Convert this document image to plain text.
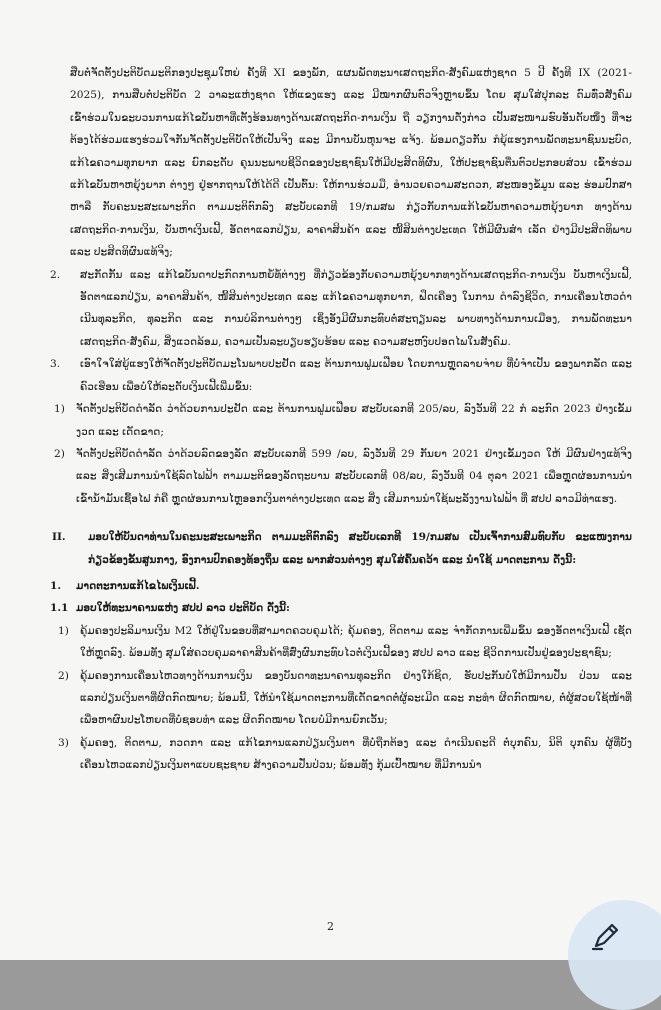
ສືບຕໍ່ຈັດຕັ້ງປະຕິບັດມະຕິກອງປະຊຸມໃຫຍ່ ຄັ້ງທີ XI ຂອງພັກ, ແຜນພັດທະນາເສດຖະກິດ-ສັງຄົມແຫ່ງຊາດ 5 ປີ ຄັ້ງທີ IX (2021-2025), ການສືບຕໍ່ປະຕິບັດ 2 ວາລະແຫ່ງຊາດ ໃຫ້ແຂງແຮງ ແລະ ມີໝາກຜົນຕົວຈິງຫຼາຍຂຶ້ນ ໂດຍ ສຸມໃສ່ປຸກລະ ດົມທົ່ວສັງຄົມ ເຂົ້າຮ່ວມໃນຂະບວນການແກ້ໄຂບັນຫາທີ່ເຕັ້ງຮ້ອນທາງດ້ານເສດຖະກິດ-ການເງິນ ຖື ວຽກງານດັ່ງກ່າວ ເປັນສະໜາມຮົບອັນດັບໜຶ່ງ ທີ່ຈະຕ້ອງໄດ້ຮ່ວມແຮງຮ່ວມໃຈກັນຈັດຕັ້ງປະຕິບັດໃຫ້ເປັນຈິງ ແລະ ມີການບັນຫຸນຈະ ແຈ້ງ. ພ້ອມດຽວກັນ ກໍຍຸ້ແຮງການພັດທະນາຊົນນະບົດ, ແກ້ໄຂຄວາມທຸກຍາກ ແລະ ຍົກລະດັບ ຄຸນນະພາບຊີວິດຂອງປະຊາຊົນໃຫ້ມີປະສິດທິຜົນ, ໃຫ້ປະຊາຊົນຕື່ນຕົວປະກອບສ່ວນ ເຂົ້າຮ່ວມແກ້ໄຂບັນຫາຫຍຸ້ງຍາກ ຕ່າງໆ ຢູ່ຮາກຖານໃຫ້ໄດ້ດີ ເປັນຕົ້ນ: ໃຫ້ການຮ່ວມມື, ອໍານວຍຄວາມສະດວກ, ສະໜອງຂໍ້ມູນ ແລະ ຮ່ອມປົກສາ ຫາລື ກັບຄະນະສະເພາະກິດ ຕາມມະຕິຕົກລົງ ສະບັບເລກທີ 19/ກມສພ ກ່ຽວກັບການແກ້ໄຂບັນຫາຄວາມຫຍຸ້ງຍາກ ທາງດ້ານເສດຖະກິດ-ການເງິນ, ບັນຫາເງິນເຟີ້, ອັດຕາແລກປ່ຽນ, ລາຄາສິນຄ້າ ແລະ ໜີ້ສິນຕ່າງປະເທດ ໃຫ້ມີຜົນສໍາ ເລັດ ຢ່າງມີປະສິດທິພາບ ແລະ ປະສິດທິຜົນແທ້ຈິງ;

2.	ສະກັດກັ້ນ ແລະ ແກ້ໄຂບັນດາປະກົດການຫຍໍ້ທໍ້ຕ່າງໆ ທີ່ກ່ຽວຂ້ອງກັບຄວາມຫຍຸ້ງຍາກທາງດ້ານເສດຖະກິດ-ການເງິນ ບັນຫາເງິນເຟີ້, ອັດຕາແລກປ່ຽນ, ລາຄາສິນຄ້າ, ໜີ້ສິນຕ່າງປະເທດ ແລະ ແກ້ໄຂຄວາມທຸກຍາກ, ຝຶດເຄືອງ ໃນການ ດໍາລົງຊີວິດ, ການເຄື່ອນໄຫວດໍາເນີນທຸລະກິດ, ທຸລະກິດ ແລະ ການບໍລິການຕ່າງໆ ເຊິ່ງອັງມີຜົນກະທົບຕໍ່ສະຖຽນລະ ພາບທາງດ້ານການເມືອງ, ການພັດທະນາເສດຖະກິດ-ສັງຄົມ, ສິ່ງແວດລ້ອມ, ຄວາມເປັນລະບຽບຮຽບຮ້ອຍ ແລະ ຄວາມສະຫງົບປອດໄພໃນສັງຄົມ.
3.	ເອົາໃຈໃສ່ຍູ້ແຮງໃຫ້ຈັດຕັ້ງປະຕິບັດມະໂນພາບປະຢັດ ແລະ ຕ້ານການຟູມເຟືອຍ ໂດຍການຫຼຸດລາຍຈ່າຍ ທີ່ບໍ່ຈໍາເປັນ ຂອງພາກລັດ ແລະ ຄົວເຮືອນ ເພື່ອບໍ່ໃຫ້ລະດັບເງິນເຟີ້ເພີ່ມຂຶ້ນ:
1)	ຈັດຕັ້ງປະຕິບັດດໍາລັດ ວ່າດ້ວຍການປະຢັດ ແລະ ຕ້ານການຟູມເຟືອຍ ສະບັບເລກທີ 205/ລບ, ລົງວັນທີ 22 ກໍ ລະກົດ 2023 ຢ່າງເຂັ້ມງວດ ແລະ ເດັດຂາດ;
2)	ຈັດຕັ້ງປະຕິບັດດໍາລັດ ວ່າດ້ວຍລົດຂອງລັດ ສະບັບເລກທີ 599 /ລບ, ລົງວັນທີ 29 ກັນຍາ 2021 ຢ່າງເຂັ້ມງວດ ໃຫ້ ມີຜົນຢ່າງແທ້ຈິງ ແລະ ສິ່ງເສີມການນໍາໃຊ້ລົດໄຟຟ້າ ຕາມມະຕິຂອງລັດຖະບານ ສະບັບເລກທີ 08/ລບ, ລົງວັນທີ 04 ຕຸລາ 2021 ເພື່ອຫຼຸດຜ່ອນການນໍາເຂົ້ານໍ້າມັນເຊື້ອໄຟ ກໍຄື ຫຼຸດຜ່ອນການໄຫຼອອກເງິນຕາຕ່າງປະເທດ ແລະ ສິ່ງ ເສີມການນໍາໃຊ້ພະລັງງານໄຟຟ້າ ທີ່ ສປປ ລາວມີທ່າແຮງ.
II.	ມອບໃຫ້ບັນດາທ່ານໃນຄະນະສະເພາະກິດ ຕາມມະຕິຕົກລົງ ສະບັບເລກທີ 19/ກມສພ ເປັນເຈົ້າການສົມທົບກັບ ຂະແໜງການກ່ຽວຂ້ອງຂັ້ນສູນກາງ, ອົງການປົກຄອງທ້ອງຖິ່ນ ແລະ ພາກສ່ວນຕ່າງໆ ສຸມໃສ່ຄົ້ນຄວ້າ ແລະ ນໍາໃຊ້ ມາດຕະການ ດັ່ງນີ້:
1.	ມາດຕະການແກ້ໄຂໄພເງິນເຟີ້.
1.1 ມອບໃຫ້ທະນາຄານແຫ່ງ ສປປ ລາວ ປະຕິບັດ ດັ່ງນີ້:
1)	ຄຸ້ມຄອງປະລິມານເງິນ M2 ໃຫ້ຢູ່ໃນຂອບທີ່ສາມາດຄວບຄຸມໄດ້; ຄຸ້ມຄອງ, ຕິດຕາມ ແລະ ຈໍາກັດການເພີ່ມຂຶ້ນ ຂອງອັດຕາເງິນເຟີ້ ເຊັດໃຫ້ຫຼຸດລົງ. ພ້ອມທັງ ສຸມໃສ່ຄວບຄຸມລາຄາສິນຄ້າທີ່ສົ່ງຜົນກະທົບໄວຕໍ່ເງິນເຟີ້ຂອງ ສປປ ລາວ ແລະ ຊີວິດການເປັນຢູ່ຂອງປະຊາຊົນ;
2)	ຄຸ້ມຄອງການເຄື່ອນໄຫວທາງດ້ານການເງິນ ຂອງບັນດາທະນາຄານທຸລະກິດ ຢ່າງໃກ້ຊິດ, ຮັບປະກັນບໍ່ໃຫ້ມີການປັ່ນ ປ່ວນ ແລະ ແລກປ່ຽນເງິນຕາທີ່ຜິດກົດໝາຍ; ພ້ອມນີ້, ໃຫ້ນໍາໃຊ້ມາດຕະການທີ່ເດັດຂາດຕໍ່ຜູ້ລະເມີດ ແລະ ກະທໍາ ຜິດກົດໝາຍ, ຕໍ່ຜູ້ສວຍໃຊ້ໜ້າທີ່ ເພື່ອຫາຜົນປະໂຫຍດທີ່ບໍ່ຊອບທໍາ ແລະ ຜິດກົດໝາຍ ໂດຍບໍ່ມີການຍົກເວັ້ນ;
3)	ຄຸ້ມຄອງ, ຕິດຕາມ, ກວດກາ ແລະ ແກ້ໄຂການແລກປ່ຽນເງິນຕາ ທີ່ບໍ່ຖືກຕ້ອງ ແລະ ດໍາເນີນຄະດີ ຕໍ່ບຸກຄົນ, ນິຕິ ບຸກຄົນ ຜູ້ທີ່ບັງເຄື່ອນໄຫວແລກປ່ຽນເງິນຕາແບບຊະຊາຍ ສ້າງຄວາມປັ່ນປ່ວນ; ພ້ອມທັງ ກຸ້ມເປົ້າໝາຍ ທີ່ມີການນໍາ
2
